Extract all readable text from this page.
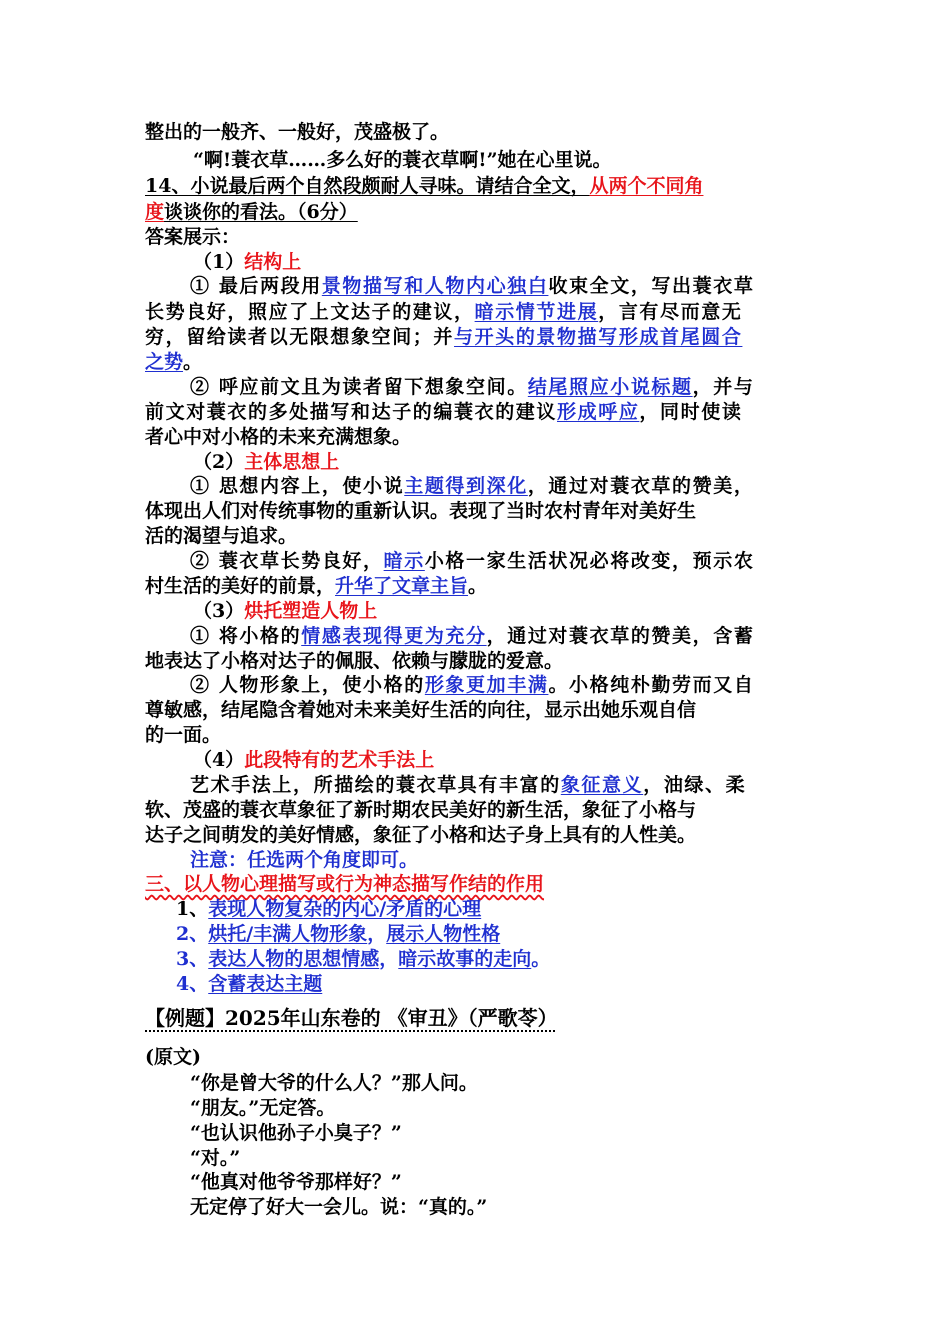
整出的一般齐、一般好，茂盛极了。
“啊!蓑衣草……多么好的蓑衣草啊!”她在心里说。
14、小说最后两个自然段颇耐人寻味。请结合全文，从两个不同角
度谈谈你的看法。（6分）
答案展示：
（1）结构上
① 最后两段用景物描写和人物内心独白收束全文，写出蓑衣草
长势良好，照应了上文达子的建议，暗示情节进展，言有尽而意无
穷，留给读者以无限想象空间；并与开头的景物描写形成首尾圆合
之势。
② 呼应前文且为读者留下想象空间。结尾照应小说标题，并与
前文对蓑衣的多处描写和达子的编蓑衣的建议形成呼应，同时使读
者心中对小格的未来充满想象。
（2）主体思想上
① 思想内容上，使小说主题得到深化，通过对蓑衣草的赞美，
体现出人们对传统事物的重新认识。表现了当时农村青年对美好生
活的渴望与追求。
② 蓑衣草长势良好，暗示小格一家生活状况必将改变，预示农
村生活的美好的前景，升华了文章主旨。
（3）烘托塑造人物上
① 将小格的情感表现得更为充分，通过对蓑衣草的赞美，含蓄
地表达了小格对达子的佩服、依赖与朦胧的爱意。
② 人物形象上，使小格的形象更加丰满。小格纯朴勤劳而又自
尊敏感，结尾隐含着她对未来美好生活的向往，显示出她乐观自信
的一面。
（4）此段特有的艺术手法上
艺术手法上，所描绘的蓑衣草具有丰富的象征意义，油绿、柔
软、茂盛的蓑衣草象征了新时期农民美好的新生活，象征了小格与
达子之间萌发的美好情感，象征了小格和达子身上具有的人性美。
注意：任选两个角度即可。
三、以人物心理描写或行为神态描写作结的作用
1、表现人物复杂的内心/矛盾的心理
2、烘托/丰满人物形象，展示人物性格
3、表达人物的思想情感，暗示故事的走向。
4、含蓄表达主题
【例题】2025年山东卷的 《审丑》（严歌苓）
(原文)
“你是曾大爷的什么人？”那人问。
“朋友。”无定答。
“也认识他孙子小臭子？”
“对。”
“他真对他爷爷那样好？”
无定停了好大一会儿。说：“真的。”
